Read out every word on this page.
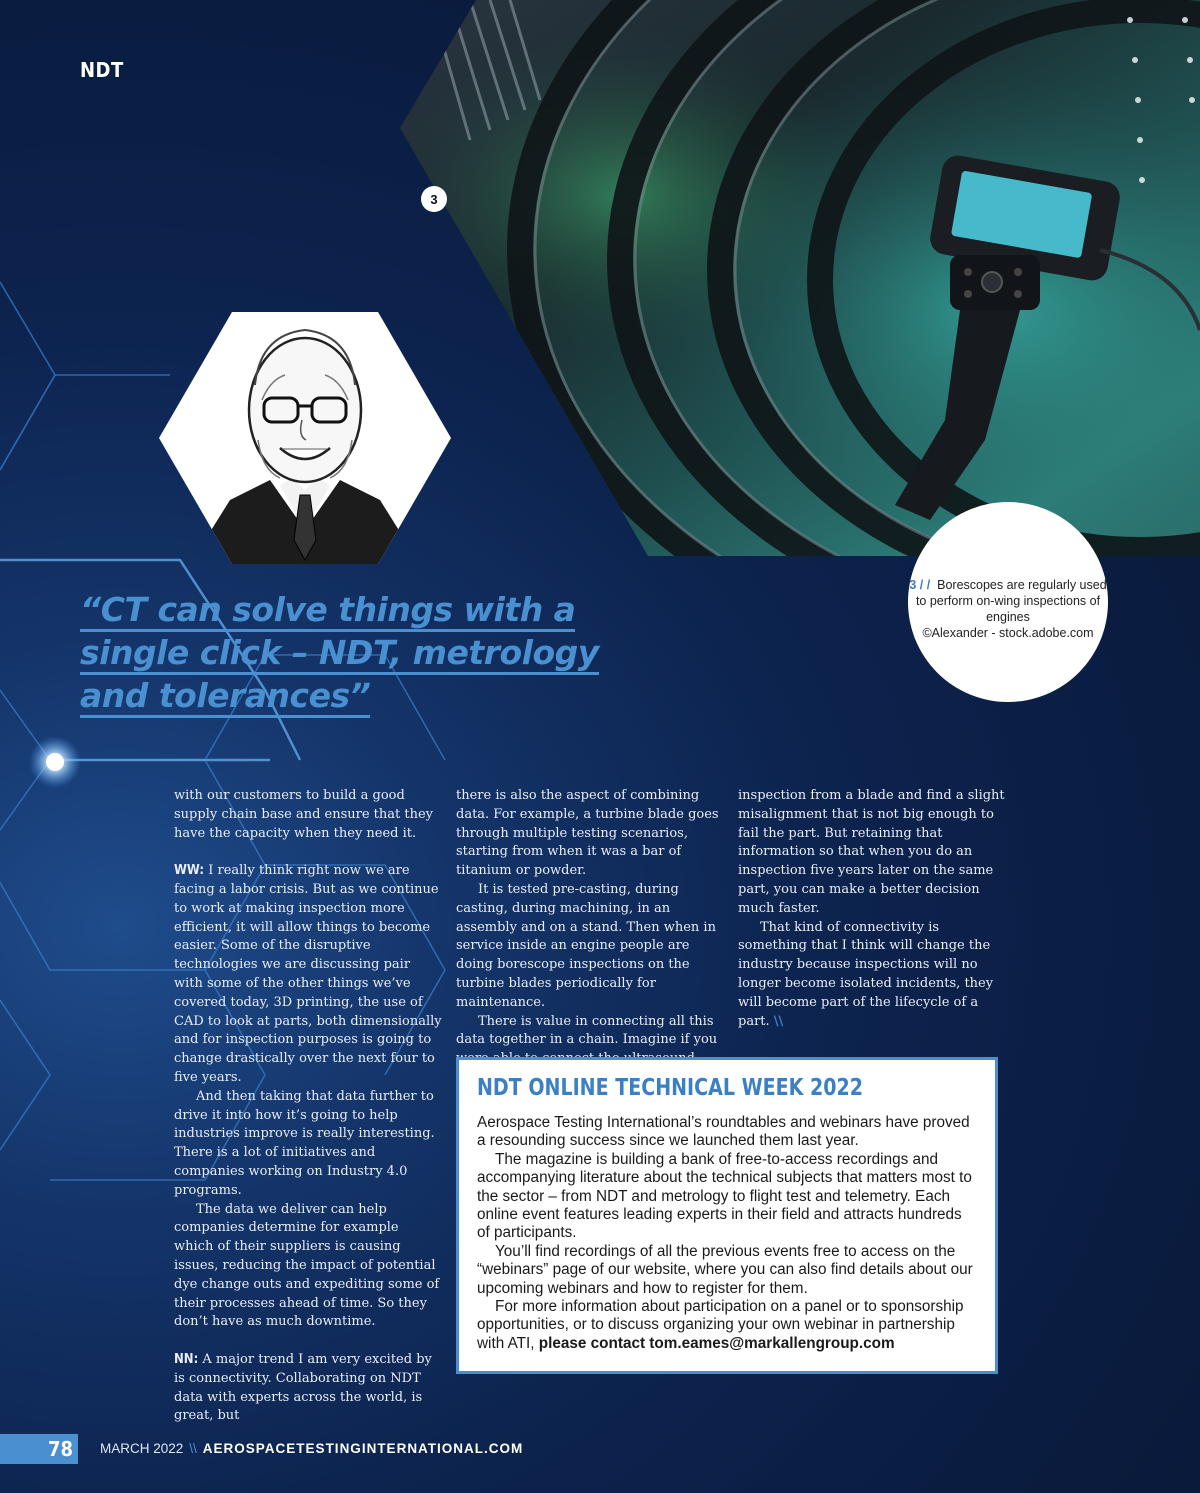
NDT
3
3 / / Borescopes are regularly used to perform on-wing inspections of engines
©Alexander - stock.adobe.com
“CT can solve things with a single click – NDT, metrology and tolerances”

with our customers to build a good supply chain base and ensure that they have the capacity when they need it.

WW: I really think right now we are facing a labor crisis. But as we continue to work at making inspection more efficient, it will allow things to become easier. Some of the disruptive technologies we are discussing pair with some of the other things we’ve covered today, 3D printing, the use of CAD to look at parts, both dimensionally and for inspection purposes is going to change drastically over the next four to five years.

And then taking that data further to drive it into how it’s going to help industries improve is really interesting. There is a lot of initiatives and companies working on Industry 4.0 programs.

The data we deliver can help companies determine for example which of their suppliers is causing issues, reducing the impact of potential dye change outs and expediting some of their processes ahead of time. So they don’t have as much downtime.

NN: A major trend I am very excited by is connectivity. Collaborating on NDT data with experts across the world, is great, but

there is also the aspect of combining data. For example, a turbine blade goes through multiple testing scenarios, starting from when it was a bar of titanium or powder.

It is tested pre-casting, during casting, during machining, in an assembly and on a stand. Then when in service inside an engine people are doing borescope inspections on the turbine blades periodically for maintenance.

There is value in connecting all this data together in a chain. Imagine if you

inspection from a blade and find a slight misalignment that is not big enough to fail the part. But retaining that information so that when you do an inspection five years later on the same part, you can make a better decision much faster.

That kind of connectivity is something that I think will change the industry because inspections will no longer become isolated incidents, they will become part of the lifecycle of a part. \\

NDT ONLINE TECHNICAL WEEK 2022

Aerospace Testing International’s roundtables and webinars have proved a resounding success since we launched them last year.

The magazine is building a bank of free-to-access recordings and accompanying literature about the technical subjects that matters most to the sector – from NDT and metrology to flight test and telemetry. Each online event features leading experts in their field and attracts hundreds of participants.

You’ll find recordings of all the previous events free to access on the “webinars” page of our website, where you can also find details about our upcoming webinars and how to register for them.

For more information about participation on a panel or to sponsorship opportunities, or to discuss organizing your own webinar in partnership with ATI, please contact tom.eames@markallengroup.com

78	MARCH 2022 \\ AEROSPACETESTINGINTERNATIONAL.COM
